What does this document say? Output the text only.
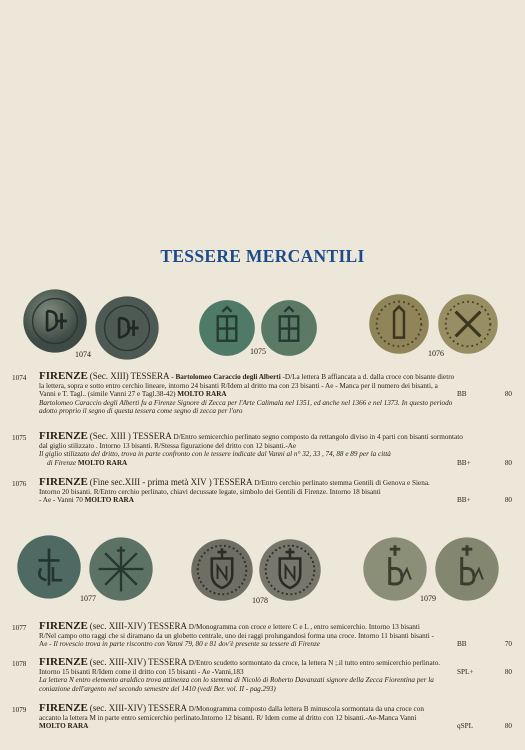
TESSERE MERCANTILI
1074	1075	1076
1074	FIRENZE (Sec. XIII) TESSERA - Bartolomeo Caraccio degli Alberti -D/La lettera B affiancata a d. dalla croce con bisante dietro
la lettera, sopra e sotto entro cerchio lineare, intorno 24 bisanti R/Idem al dritto ma con 23 bisanti - Ae - Manca per il numero dei bisanti, a
Vanni e T. Tagl.. (simile Vanni 27 e Tagl.38-42) MOLTO RARA	BB	80
Bartolomeo Caraccio degli Alberti fu a Firenze Signore di Zecca per l'Arte Calimala nel 1351, ed anche nel 1366 e nel 1373. In questo periodo
adotto proprio il segno di questa tessera come segno di zecca per l'oro
1075	FIRENZE (Sec. XIII ) TESSERA D/Entro semicerchio perlinato segno composto da rettangolo diviso in 4 parti con bisanti sormontato
dal giglio stilizzato . Intorno 13 bisanti. R/Stessa figurazione del dritto con 12 bisanti.-Ae
Il giglio stilizzato del dritto, trova in parte confronto con le tessere indicate dal Vanni al n° 32, 33 , 74, 88 e 89 per la città
di Firenze MOLTO RARA	BB+	80
1076	FIRENZE (Fine sec.XIII - prima metà XIV ) TESSERA D/Entro cerchio perlinato stemma Gentili di Genova e Siena.
Intorno 20 bisanti. R/Entro cerchio perlinato, chiavi decussate legate, simbolo dei Gentili di Firenze. Intorno 18 bisanti
- Ae - Vanni 70 MOLTO RARA	BB+	80
1077	1078	1079
1077	FIRENZE (sec. XIII-XIV) TESSERA D/Monogramma con croce e lettere C e L , entro semicerchio. Intorno 13 bisanti
R/Nel campo otto raggi che si diramano da un globetto centrale, uno dei raggi prolungandosi forma una croce. Intorno 11 bisanti bisanti -
Ae - Il rovescio trova in parte riscontro con Vanni 79, 80 e 81 dov'è presente su tessere di Firenze	BB	70
1078	FIRENZE (sec. XIII-XIV) TESSERA D/Entro scudetto sormontato da croce, la lettera N ;.il tutto entro semicerchio perlinato.
Intorno 15 bisanti R/Idem come il dritto con 15 bisanti - Ae -Vanni,183	SPL+	80
La lettera N entro elemento araldico trova attinenza con lo stemma di Nicolò di Roberto Davanzati signore della Zecca Fiorentina per la
coniazione dell'argento nel secondo semestre del 1410 (vedi Ber. vol. II - pag.293)
1079	FIRENZE (sec. XIII-XIV) TESSERA D/Monogramma composto dalla lettera B minuscola sormontata da una croce con
accanto la lettera M in parte entro semicerchio perlinato.Intorno 12 bisanti. R/ Idem come al dritto con 12 bisanti.-Ae-Manca Vanni
MOLTO RARA	qSPL	80
